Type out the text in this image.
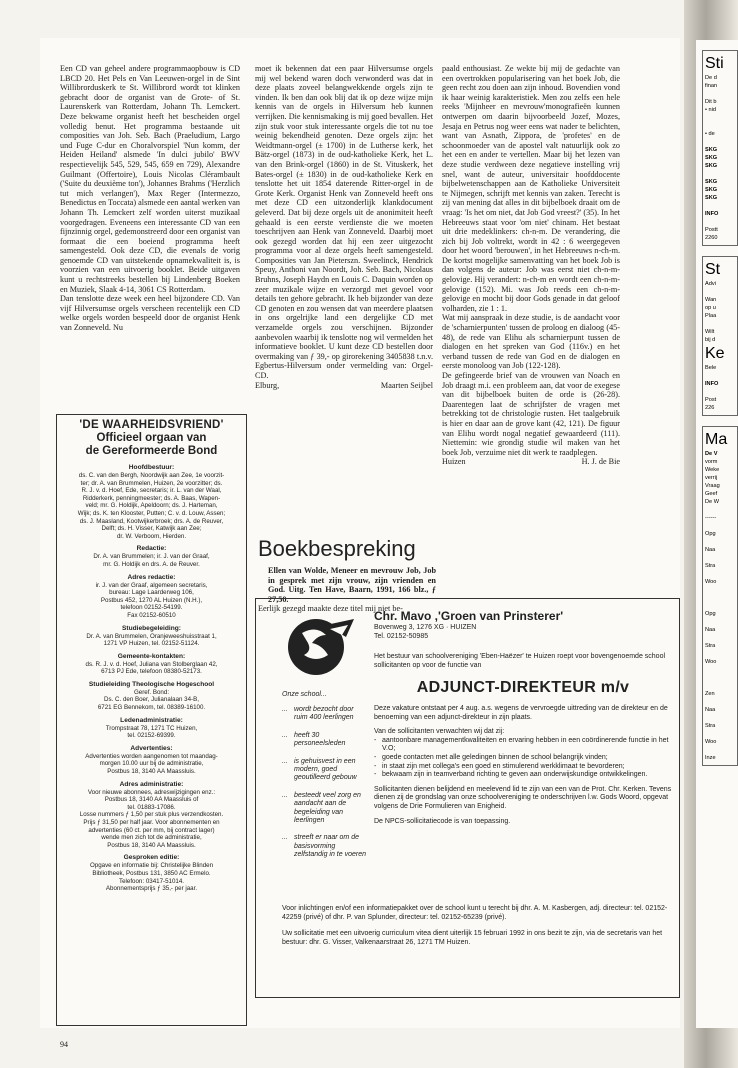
Een CD van geheel andere programmaopbouw is CD LBCD 20. Het Pels en Van Leeuwen-orgel in de Sint Willibrorduskerk te St. Willibrord wordt tot klinken gebracht door de organist van de Grote- of St. Laurenskerk van Rotterdam, Johann Th. Lemckert. Deze bekwame organist heeft het bescheiden orgel volledig benut. Het programma bestaande uit composities van Joh. Seb. Bach (Praeludium, Largo und Fuge C-dur en Choralvorspiel 'Nun komm, der Heiden Heiland' alsmede 'In dulci jubilo' BWV respectievelijk 545, 529, 545, 659 en 729), Alexandre Guilmant (Offertoire), Louis Nicolas Clérambault ('Suite du deuxième ton'), Johannes Brahms ('Herzlich tut mich verlangen'), Max Reger (Intermezzo, Benedictus en Toccata) alsmede een aantal werken van Johann Th. Lemckert zelf worden uiterst muzikaal voorgedragen. Eveneens een interessante CD van een fijnzinnig orgel, gedemonstreerd door een organist van formaat die een boeiend programma heeft samengesteld. Ook deze CD, die evenals de vorig genoemde CD van uitstekende opnamekwaliteit is, is voorzien van een uitvoerig booklet. Beide uitgaven kunt u rechtstreeks bestellen bij Lindenberg Boeken en Muziek, Slaak 4-14, 3061 CS Rotterdam.

Dan tenslotte deze week een heel bijzondere CD. Van vijf Hilversumse orgels verscheen recentelijk een CD welke orgels worden bespeeld door de organist Henk van Zonneveld. Nu

'DE WAARHEIDSVRIEND'
Officieel orgaan van
de Gereformeerde Bond
Hoofdbestuur:
ds. C. van den Bergh, Noordwijk aan Zee, 1e voorzit-
ter; dr. A. van Brummelen, Huizen, 2e voorzitter; ds.
R. J. v. d. Hoef, Ede, secretaris; ir. L. van der Waal,
Ridderkerk, penningmeester; ds. A. Baas, Wapen-
veld; mr. G. Holdijk, Apeldoorn; ds. J. Harteman,
Wijk; ds. K. ten Klooster, Putten; C. v. d. Louw, Assen;
ds. J. Maasland, Kootwijkerbroek; drs. A. de Reuver,
Delft; ds. H. Visser, Katwijk aan Zee;
dr. W. Verboom, Hierden.
Redactie:
Dr. A. van Brummelen; ir. J. van der Graaf,
mr. G. Holdijk en drs. A. de Reuver.
Adres redactie:
ir. J. van der Graaf, algemeen secretaris,
bureau: Lage Laarderweg 106,
Postbus 452, 1270 AL Huizen (N.H.),
telefoon 02152-54199.
Fax 02152-60510
Studiebegeleiding:
Dr. A. van Brummelen, Oranjeweeshuisstraat 1,
1271 VP Huizen, tel. 02152-51124.
Gemeente-kontakten:
ds. R. J. v. d. Hoef, Juliana van Stolberglaan 42,
6713 PJ Ede, telefoon 08380-52173.
Studieleiding Theologische Hogeschool
Geref. Bond:
Ds. C. den Boer, Julianalaan 34-B,
6721 EG Bennekom, tel. 08389-16100.
Ledenadministratie:
Trompstraat 78, 1271 TC Huizen,
tel. 02152-69399.
Advertenties:
Advertenties worden aangenomen tot maandag-
morgen 10.00 uur bij de administratie,
Postbus 18, 3140 AA Maassluis.
Adres administratie:
Voor nieuwe abonnees, adreswijzigingen enz.:
Postbus 18, 3140 AA Maassluis of
tel. 01883-17086.
Losse nummers ƒ 1,50 per stuk plus verzendkosten.
Prijs ƒ 31,50 per half jaar. Voor abonnementen en
advertenties (60 ct. per mm, bij contract lager)
wende men zich tot de administratie,
Postbus 18, 3140 AA Maassluis.
Gesproken editie:
Opgave en informatie bij: Christelijke Blinden
Bibliotheek, Postbus 131, 3850 AC Ermelo.
Telefoon: 03417-51014.
Abonnementsprijs ƒ 35,- per jaar.

moet ik bekennen dat een paar Hilversumse orgels mij wel bekend waren doch verwonderd was dat in deze plaats zoveel belangwekkende orgels zijn te vinden. Ik ben dan ook blij dat ik op deze wijze mijn kennis van de orgels in Hilversum heb kunnen verrijken. Die kennismaking is mij goed bevallen. Het zijn stuk voor stuk interessante orgels die tot nu toe weinig bekendheid genoten. Deze orgels zijn: het Weidtmann-orgel (± 1700) in de Lutherse kerk, het Bätz-orgel (1873) in de oud-katholieke Kerk, het L. van den Brink-orgel (1860) in de St. Vituskerk, het Bates-orgel (± 1830) in de oud-katholieke Kerk en tenslotte het uit 1854 daterende Ritter-orgel in de Grote Kerk. Organist Henk van Zonneveld heeft ons met deze CD een uitzonderlijk klankdocument geleverd. Dat bij deze orgels uit de anonimiteit heeft gehaald is een eerste verdienste die we moeten toeschrijven aan Henk van Zonneveld. Daarbij moet ook gezegd worden dat hij een zeer uitgezocht programma voor al deze orgels heeft samengesteld. Composities van Jan Pieterszn. Sweelinck, Hendrick Speuy, Anthoni van Noordt, Joh. Seb. Bach, Nicolaus Bruhns, Joseph Haydn en Louis C. Daquin worden op zeer muzikale wijze en verzorgd met gevoel voor details ten gehore gebracht. Ik heb bijzonder van deze CD genoten en zou wensen dat van meerdere plaatsen in ons orgelrijke land een dergelijke CD met verzamelde orgels zou verschijnen. Bijzonder aanbevolen waarbij ik tenslotte nog wil vermelden het informatieve booklet. U kunt deze CD bestellen door overmaking van ƒ 39,- op girorekening 3405838 t.n.v. Egbertus-Hilversum onder vermelding van: Orgel-CD.

Elburg,	Maarten Seijbel
Boekbespreking

Ellen van Wolde, Meneer en mevrouw Job, Job in gesprek met zijn vrouw, zijn vrienden en God. Uitg. Ten Have, Baarn, 1991, 166 blz., ƒ 27,50.

Eerlijk gezegd maakte deze titel mij niet be-

paald enthousiast. Ze wekte bij mij de gedachte van een overtrokken popularisering van het boek Job, die geen recht zou doen aan zijn inhoud. Bovendien vond ik haar weinig karakteristiek. Men zou zelfs een hele reeks 'Mijnheer en mevrouw'monografieën kunnen ontwerpen om daarin bijvoorbeeld Jozef, Mozes, Jesaja en Petrus nog weer eens wat nader te belichten, want van Asnath, Zippora, de 'profetes' en de schoonmoeder van de apostel valt natuurlijk ook zo het een en ander te vertellen. Maar bij het lezen van deze studie verdween deze negatieve instelling vrij snel, want de auteur, universitair hoofddocente bijbelwetenschappen aan de Katholieke Universiteit te Nijmegen, schrijft met kennis van zaken. Terecht is zij van mening dat alles in dit bijbelboek draait om de vraag: 'Is het om niet, dat Job God vreest?' (35). In het Hebreeuws staat voor 'om niet' chinam. Het bestaat uit drie medeklinkers: ch-n-m. De verandering, die zich bij Job voltrekt, wordt in 42 : 6 weergegeven door het woord 'berouwen', in het Hebreeuws n-ch-m. De kortst mogelijke samenvatting van het boek Job is dan volgens de auteur: Job was eerst niet ch-n-m-gelovige. Hij verandert: n-ch-m en wordt een ch-n-m-gelovige (152). Mi. was Job reeds een ch-n-m-gelovige en mocht bij door Gods genade in dat geloof volharden, zie 1 : 1.

Wat mij aanspraak in deze studie, is de aandacht voor de 'scharnierpunten' tussen de proloog en dialoog (45-48), de rede van Elihu als scharnierpunt tussen de dialogen en het spreken van God (116v.) en het verband tussen de rede van God en de dialogen en eerste monoloog van Job (122-128).

De gefingeerde brief van de vrouwen van Noach en Job draagt m.i. een probleem aan, dat voor de exegese van dit bijbelboek buiten de orde is (26-28). Daarentegen laat de schrijfster de vragen met betrekking tot de christologie rusten. Het taalgebruik is hier en daar aan de grove kant (42, 121). De figuur van Elihu wordt nogal negatief gewaardeerd (111). Niettemin: wie grondig studie wil maken van het boek Job, verzuime niet dit werk te raadplegen.

Huizen	H. J. de Bie
Chr. Mavo ,'Groen van Prinsterer'
Bovenweg 3, 1276 XG · HUIZEN
Tel. 02152-50985
Het bestuur van schoolvereniging 'Eben-Haëzer' te Huizen roept voor bovengenoemde school sollicitanten op voor de functie van
ADJUNCT-DIREKTEUR m/v
Onze school...
... wordt bezocht door ruim 400 leerlingen
... heeft 30 personeelsleden
... is gehuisvest in een modern, goed geoutilleerd gebouw
... besteedt veel zorg en aandacht aan de begeleiding van leerlingen
... streeft er naar om de basisvorming zelfstandig in te voeren
Deze vakature ontstaat per 4 aug. a.s. wegens de vervroegde uittreding van de direkteur en de benoeming van een adjunct-direkteur in zijn plaats.
Van de sollicitanten verwachten wij dat zij:
- aantoonbare managementkwaliteiten en ervaring hebben in een coördinerende functie in het V.O;
- goede contacten met alle geledingen binnen de school belangrijk vinden;
- in staat zijn met collega's een goed en stimulerend werkklimaat te bevorderen;
- bekwaam zijn in teamverband richting te geven aan onderwijskundige ontwikkelingen.
Sollicitanten dienen belijdend en meelevend lid te zijn van een van de Prot. Chr. Kerken. Tevens dienen zij de grondslag van onze schoolvereniging te onderschrijven l.w. Gods Woord, opgevat volgens de Drie Formulieren van Enigheid.
De NPCS-sollicitatiecode is van toepassing.
Voor inlichtingen en/of een informatiepakket over de school kunt u terecht bij dhr. A. M. Kasbergen, adj. directeur: tel. 02152-42259 (privé) of dhr. P. van Splunder, directeur: tel. 02152-65239 (privé).
Uw sollicitatie met een uitvoerig curriculum vitea dient uiterlijk 15 februari 1992 in ons bezit te zijn, via de secretaris van het bestuur: dhr. G. Visser, Valkenaarstraat 26, 1271 TM Huizen.
94
Sti
De d
finan

Dit b
• nid

• de

SKG
SKG
SKG

SKG
SKG
SKG

INFO

Postt
2260
St
Advi

Wan
op u
Plaa

Wilt
bij d
Ke
Bele

INFO

Post
226
Ma
De V
vorm
Weke
verrij
Vraag
Geef
De W

------

Opg

Naa

Stra

Woo

Opg

Naa

Stra

Woo

Zen

Naa

Stra

Woo

Inze
